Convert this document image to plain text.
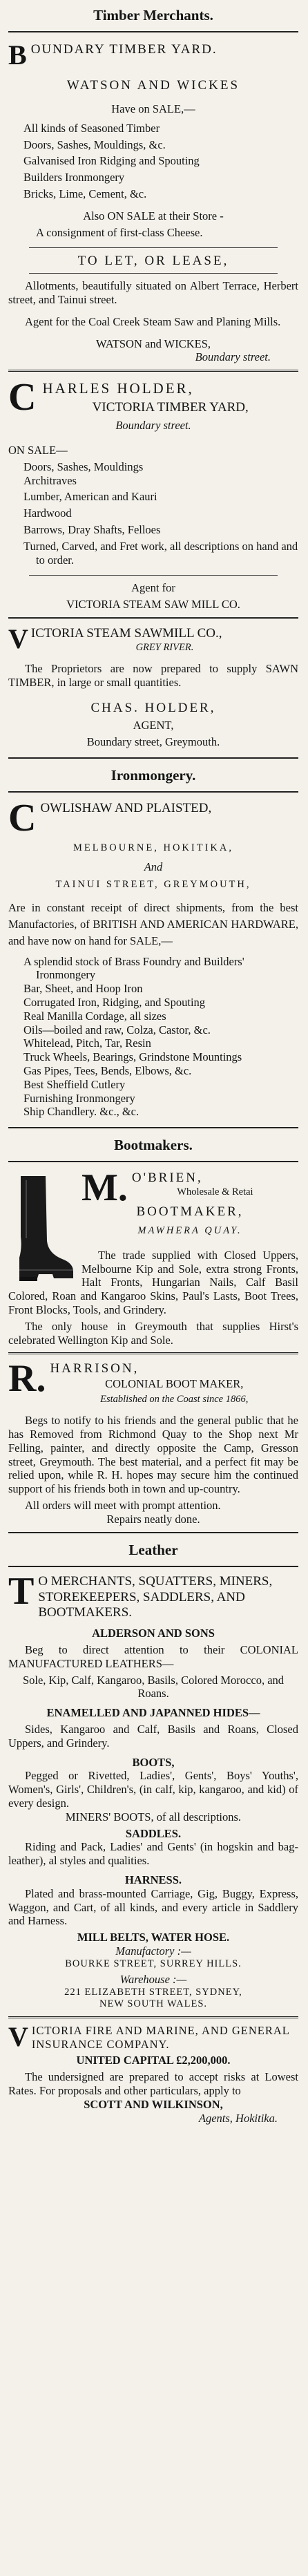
Timber Merchants.
BOUNDARY TIMBER YARD.
WATSON AND WICKES
Have on SALE,—
All kinds of Seasoned Timber
Doors, Sashes, Mouldings, &c.
Galvanised Iron Ridging and Spouting
Builders Ironmongery
Bricks, Lime, Cement, &c.
Also ON SALE at their Store -
A consignment of first-class Cheese.
TO LET, OR LEASE,
Allotments, beautifully situated on Albert Terrace, Herbert street, and Tainui street.
Agent for the Coal Creek Steam Saw and Planing Mills.
WATSON and WICKES,
Boundary street.
CHARLES HOLDER,
VICTORIA TIMBER YARD,
Boundary street.
ON SALE—
Doors, Sashes, Mouldings
Architraves
Lumber, American and Kauri
Hardwood
Barrows, Dray Shafts, Felloes
Turned, Carved, and Fret work, all descriptions on hand and to order.
Agent for
VICTORIA STEAM SAW MILL CO.
VICTORIA STEAM SAWMILL CO.,
GREY RIVER.
The Proprietors are now prepared to supply SAWN TIMBER, in large or small quantities.
CHAS. HOLDER,
AGENT,
Boundary street, Greymouth.
Ironmongery.
COWLISHAW AND PLAISTED,
MELBOURNE, HOKITIKA,
And
TAINUI STREET, GREYMOUTH,
Are in constant receipt of direct shipments, from the best Manufactories, of BRITISH AND AMERICAN HARDWARE, and have now on hand for SALE,—
A splendid stock of Brass Foundry and Builders' Ironmongery
Bar, Sheet, and Hoop Iron
Corrugated Iron, Ridging, and Spouting
Real Manilla Cordage, all sizes
Oils—boiled and raw, Colza, Castor, &c.
Whitelead, Pitch, Tar, Resin
Truck Wheels, Bearings, Grindstone Mountings
Gas Pipes, Tees, Bends, Elbows, &c.
Best Sheffield Cutlery
Furnishing Ironmongery
Ship Chandlery. &c., &c.
Bootmakers.
M. O'BRIEN,
Wholesale & Retai
BOOTMAKER,
MAWHERA QUAY.
The trade supplied with Closed Uppers, Melbourne Kip and Sole, extra strong Fronts, Halt Fronts, Hungarian Nails, Calf Basil Colored, Roan and Kangaroo Skins, Paul's Lasts, Boot Trees, Front Blocks, Tools, and Grindery.
The only house in Greymouth that supplies Hirst's celebrated Wellington Kip and Sole.
R. HARRISON,
COLONIAL BOOT MAKER,
Established on the Coast since 1866,
Begs to notify to his friends and the general public that he has Removed from Richmond Quay to the Shop next Mr Felling, painter, and directly opposite the Camp, Gresson street, Greymouth. The best material, and a perfect fit may be relied upon, while R. H. hopes may secure him the continued support of his friends both in town and up-country.
All orders will meet with prompt attention.
Repairs neatly done.
Leather
T O MERCHANTS, SQUATTERS, MINERS, STOREKEEPERS, SADDLERS, AND BOOTMAKERS.
ALDERSON AND SONS
Beg to direct attention to their COLONIAL MANUFACTURED LEATHERS—
Sole, Kip, Calf, Kangaroo, Basils, Colored Morocco, and Roans.
ENAMELLED AND JAPANNED HIDES—
Sides, Kangaroo and Calf, Basils and Roans, Closed Uppers, and Grindery.
BOOTS,
Pegged or Rivetted, Ladies', Gents', Boys' Youths', Women's, Girls', Children's, (in calf, kip, kangaroo, and kid) of every design.
MINERS' BOOTS, of all descriptions.
SADDLES.
Riding and Pack, Ladies' and Gents' (in hogskin and bag-leather), al styles and qualities.
HARNESS.
Plated and brass-mounted Carriage, Gig, Buggy, Express, Waggon, and Cart, of all kinds, and every article in Saddlery and Harness.
MILL BELTS, WATER HOSE.
Manufactory :—
BOURKE STREET, SURREY HILLS.
Warehouse :—
221 ELIZABETH STREET, SYDNEY,
NEW SOUTH WALES.
VICTORIA FIRE AND MARINE, AND GENERAL INSURANCE COMPANY.
UNITED CAPITAL £2,200,000.
The undersigned are prepared to accept risks at Lowest Rates. For proposals and other particulars, apply to
SCOTT AND WILKINSON,
Agents, Hokitika.
